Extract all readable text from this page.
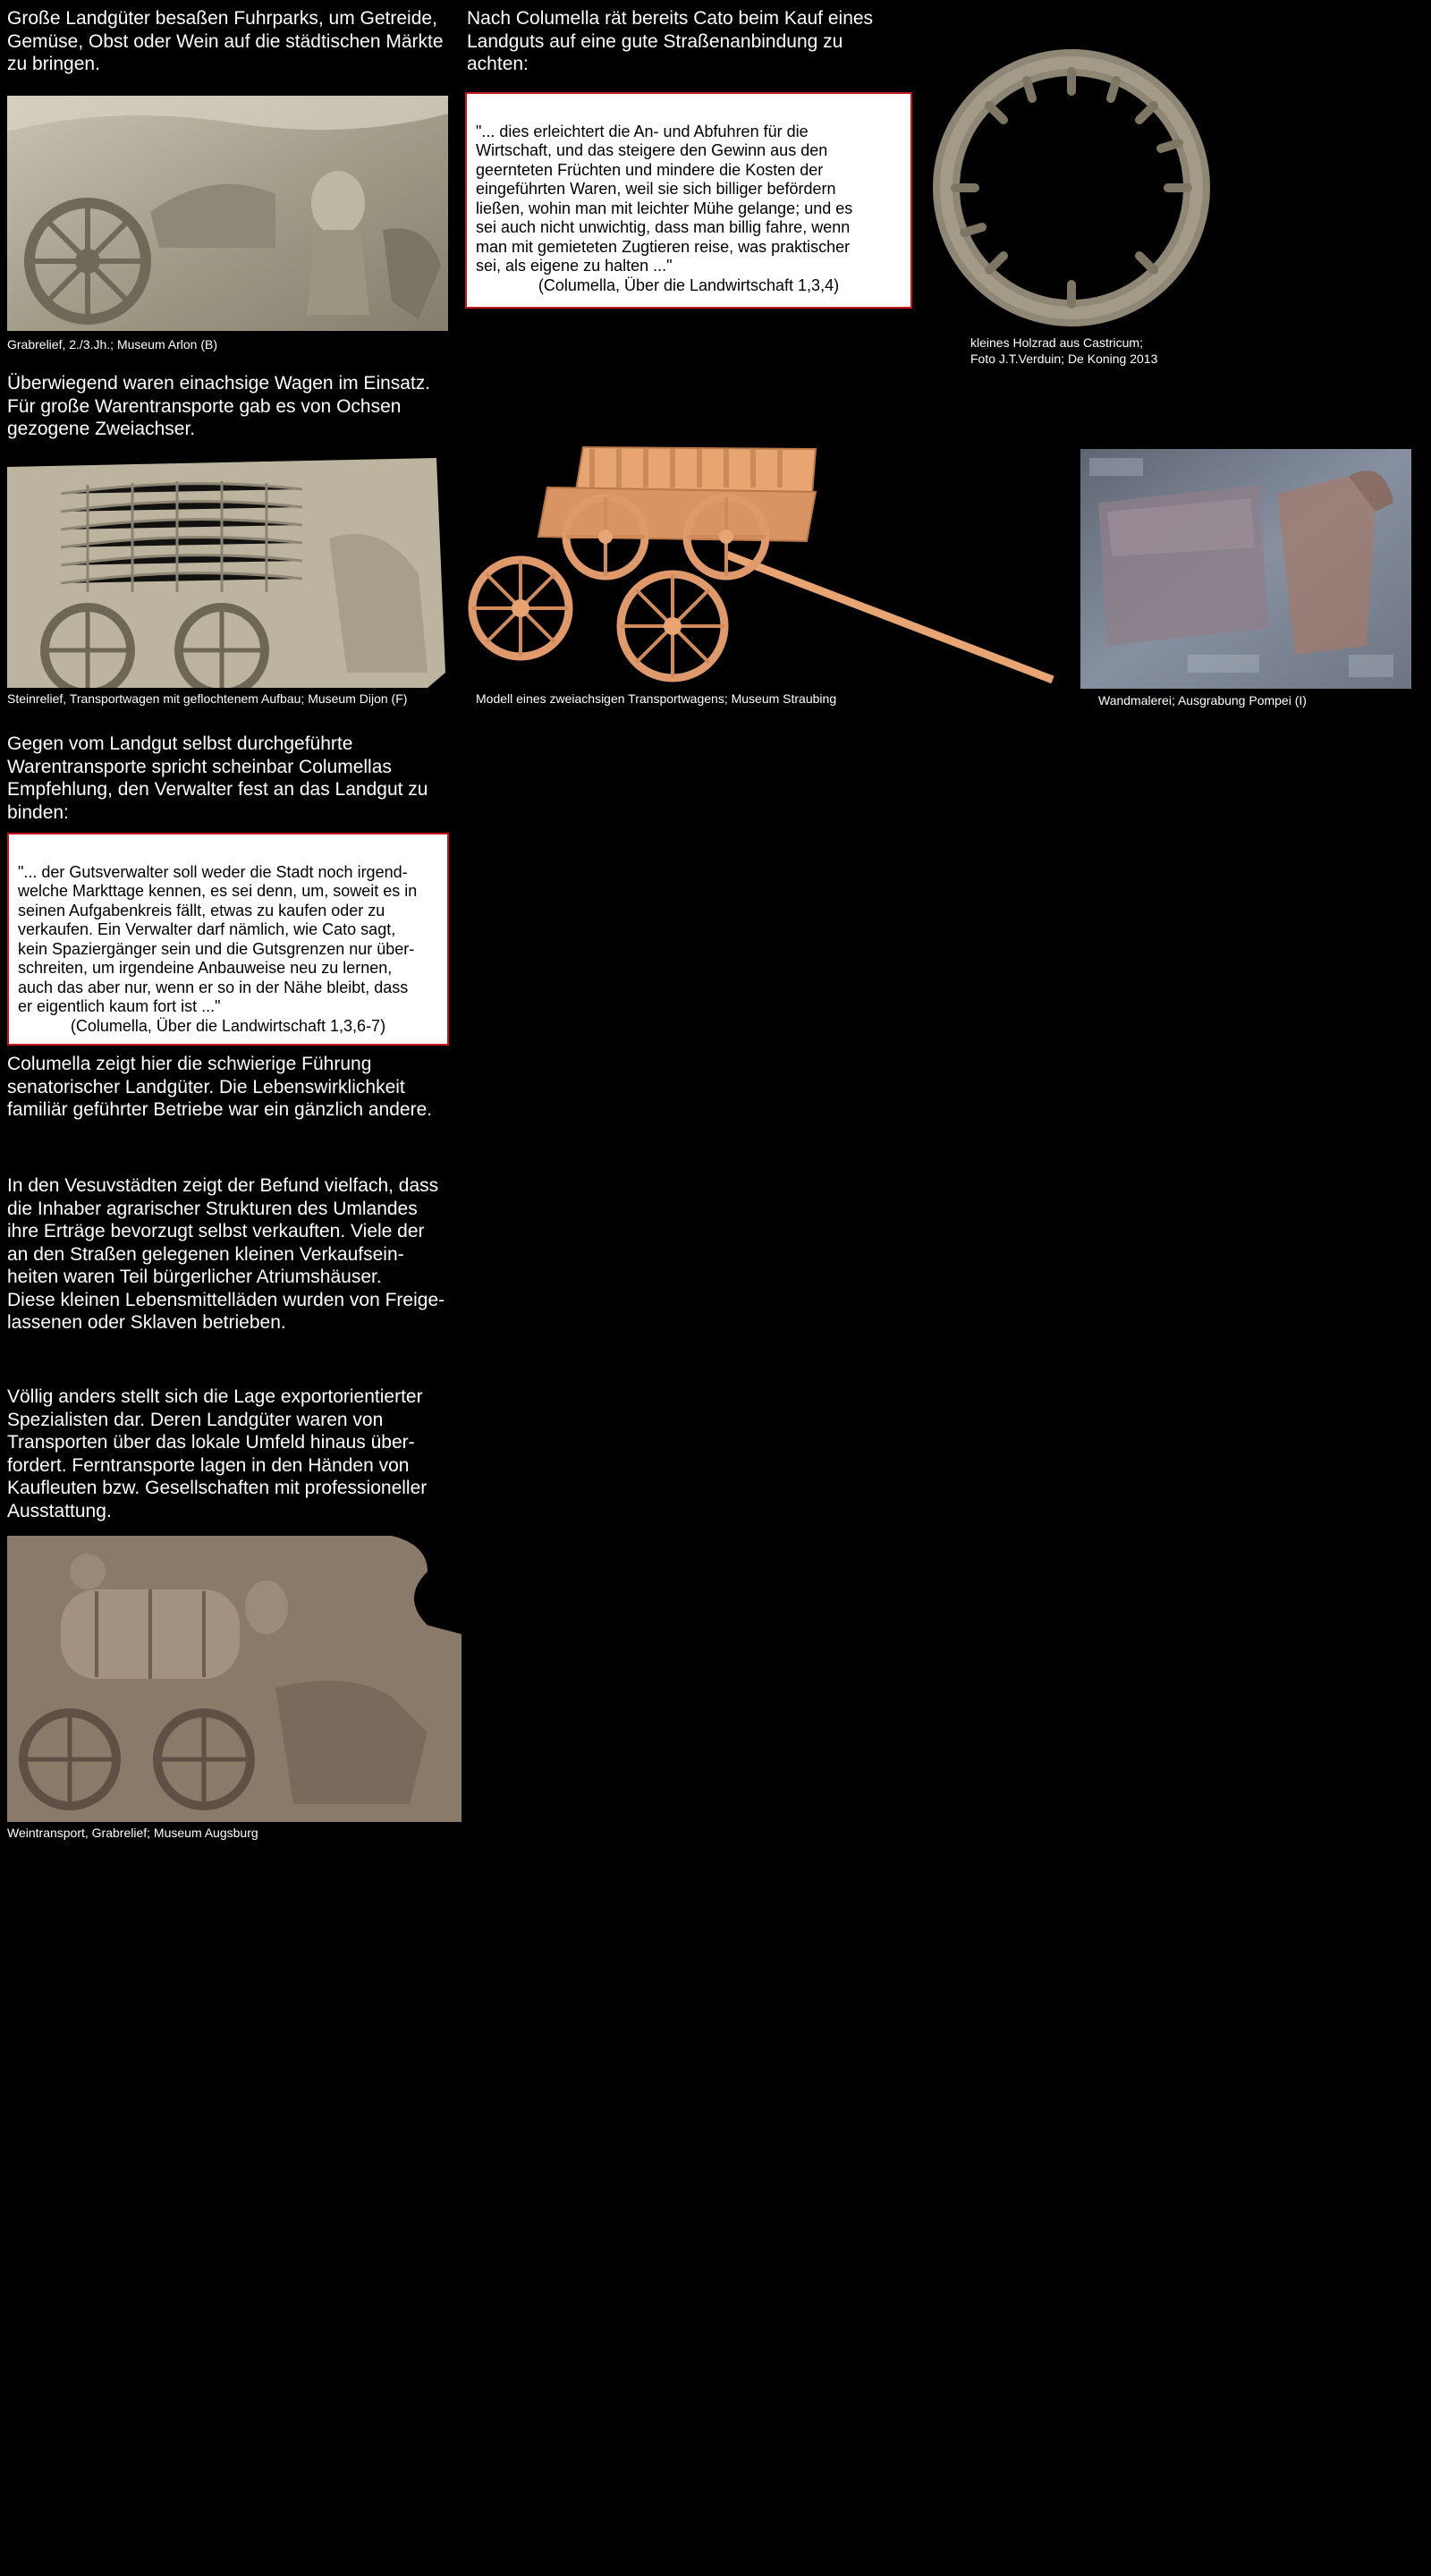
Große Landgüter besaßen Fuhrparks, um Getreide,
Gemüse, Obst oder Wein auf die städtischen Märkte
zu bringen.
Grabrelief, 2./3.Jh.; Museum Arlon (B)
Überwiegend waren einachsige Wagen im Einsatz.
Für große Warentransporte gab es von Ochsen
gezogene Zweiachser.
Steinrelief, Transportwagen mit geflochtenem Aufbau; Museum Dijon (F)
Gegen vom Landgut selbst durchgeführte
Warentransporte spricht scheinbar Columellas
Empfehlung, den Verwalter fest an das Landgut zu
binden:

"... der Gutsverwalter soll weder die Stadt noch irgend-
welche Markttage kennen, es sei denn, um, soweit es in
seinen Aufgabenkreis fällt, etwas zu kaufen oder zu
verkaufen. Ein Verwalter darf nämlich, wie Cato sagt,
kein Spaziergänger sein und die Gutsgrenzen nur über-
schreiten, um irgendeine Anbauweise neu zu lernen,
auch das aber nur, wenn er so in der Nähe bleibt, dass
er eigentlich kaum fort ist ..."

(Columella, Über die Landwirtschaft 1,3,6-7)

Columella zeigt hier die schwierige Führung
senatorischer Landgüter. Die Lebenswirklichkeit
familiär geführter Betriebe war ein gänzlich andere.
In den Vesuvstädten zeigt der Befund vielfach, dass
die Inhaber agrarischer Strukturen des Umlandes
ihre Erträge bevorzugt selbst verkauften. Viele der
an den Straßen gelegenen kleinen Verkaufsein-
heiten waren Teil bürgerlicher Atriumshäuser.
Diese kleinen Lebensmittelläden wurden von Freige-
lassenen oder Sklaven betrieben.
Völlig anders stellt sich die Lage exportorientierter
Spezialisten dar. Deren Landgüter waren von
Transporten über das lokale Umfeld hinaus über-
fordert. Ferntransporte lagen in den Händen von
Kaufleuten bzw. Gesellschaften mit professioneller
Ausstattung.
Weintransport, Grabrelief; Museum Augsburg
Nach Columella rät bereits Cato beim Kauf eines
Landguts auf eine gute Straßenanbindung zu
achten:

"... dies erleichtert die An- und Abfuhren für die
Wirtschaft, und das steigere den Gewinn aus den
geernteten Früchten und mindere die Kosten der
eingeführten Waren, weil sie sich billiger befördern
ließen, wohin man mit leichter Mühe gelange; und es
sei auch nicht unwichtig, dass man billig fahre, wenn
man mit gemieteten Zugtieren reise, was praktischer
sei, als eigene zu halten ..."

(Columella, Über die Landwirtschaft 1,3,4)

Modell eines zweiachsigen Transportwagens; Museum Straubing
kleines Holzrad aus Castricum;
Foto J.T.Verduin; De Koning 2013
Wandmalerei; Ausgrabung Pompei (I)
